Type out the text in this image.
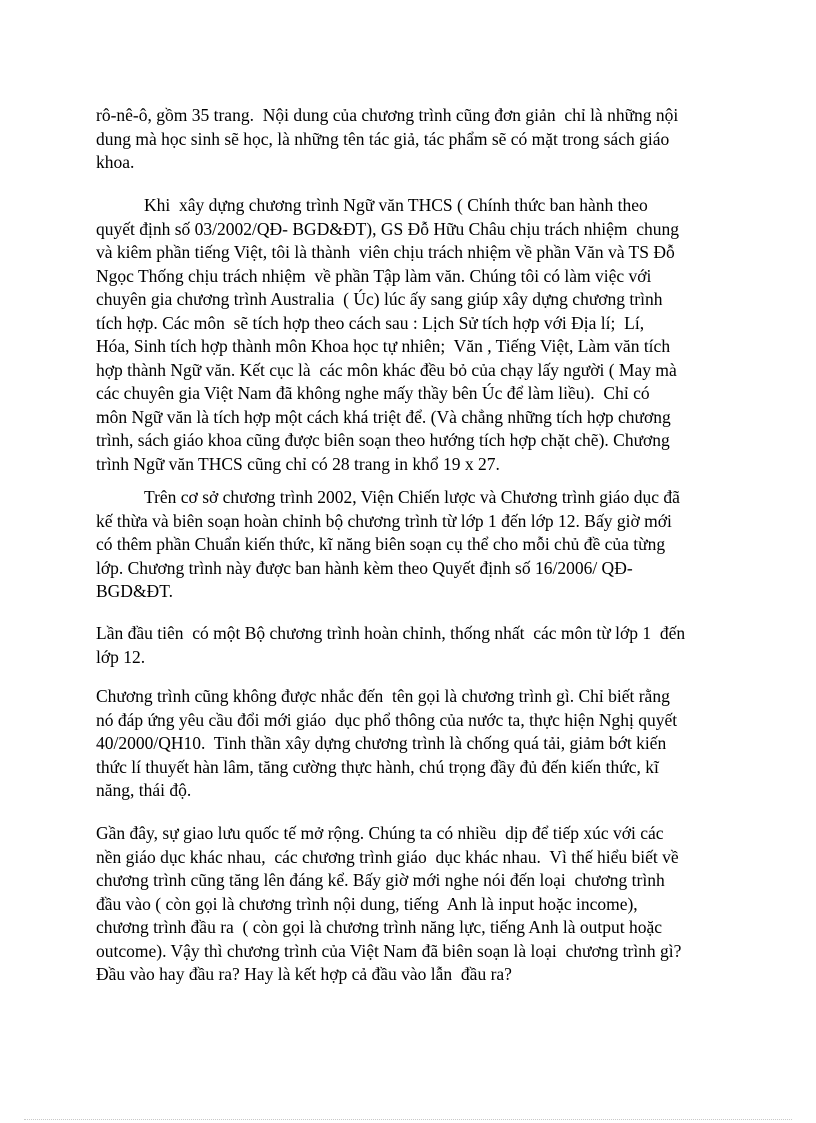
rô-nê-ô, gồm 35 trang.  Nội dung của chương trình cũng đơn giản  chỉ là những nội
dung mà học sinh sẽ học, là những tên tác giả, tác phẩm sẽ có mặt trong sách giáo
khoa.
Khi  xây dựng chương trình Ngữ văn THCS ( Chính thức ban hành theo
quyết định số 03/2002/QĐ- BGD&ĐT), GS Đỗ Hữu Châu chịu trách nhiệm  chung
và kiêm phần tiếng Việt, tôi là thành  viên chịu trách nhiệm về phần Văn và TS Đỗ
Ngọc Thống chịu trách nhiệm  về phần Tập làm văn. Chúng tôi có làm việc với
chuyên gia chương trình Australia  ( Úc) lúc ấy sang giúp xây dựng chương trình
tích hợp. Các môn  sẽ tích hợp theo cách sau : Lịch Sử tích hợp với Địa lí;  Lí,
Hóa, Sinh tích hợp thành môn Khoa học tự nhiên;  Văn , Tiếng Việt, Làm văn tích
hợp thành Ngữ văn. Kết cục là  các môn khác đều bỏ của chạy lấy người ( May mà
các chuyên gia Việt Nam đã không nghe mấy thầy bên Úc để làm liều).  Chỉ có
môn Ngữ văn là tích hợp một cách khá triệt để. (Và chẳng những tích hợp chương
trình, sách giáo khoa cũng được biên soạn theo hướng tích hợp chặt chẽ). Chương
trình Ngữ văn THCS cũng chỉ có 28 trang in khổ 19 x 27.
Trên cơ sở chương trình 2002, Viện Chiến lược và Chương trình giáo dục đã
kế thừa và biên soạn hoàn chỉnh bộ chương trình từ lớp 1 đến lớp 12. Bấy giờ mới
có thêm phần Chuẩn kiến thức, kĩ năng biên soạn cụ thể cho mỗi chủ đề của từng
lớp. Chương trình này được ban hành kèm theo Quyết định số 16/2006/ QĐ-
BGD&ĐT.
Lần đầu tiên  có một Bộ chương trình hoàn chỉnh, thống nhất  các môn từ lớp 1  đến
lớp 12.
Chương trình cũng không được nhắc đến  tên gọi là chương trình gì. Chỉ biết rằng
nó đáp ứng yêu cầu đổi mới giáo  dục phổ thông của nước ta, thực hiện Nghị quyết
40/2000/QH10.  Tinh thần xây dựng chương trình là chống quá tải, giảm bớt kiến
thức lí thuyết hàn lâm, tăng cường thực hành, chú trọng đầy đủ đến kiến thức, kĩ
năng, thái độ.
Gần đây, sự giao lưu quốc tế mở rộng. Chúng ta có nhiều  dịp để tiếp xúc với các
nền giáo dục khác nhau,  các chương trình giáo  dục khác nhau.  Vì thế hiểu biết về
chương trình cũng tăng lên đáng kể. Bấy giờ mới nghe nói đến loại  chương trình
đầu vào ( còn gọi là chương trình nội dung, tiếng  Anh là input hoặc income),
chương trình đầu ra  ( còn gọi là chương trình năng lực, tiếng Anh là output hoặc
outcome). Vậy thì chương trình của Việt Nam đã biên soạn là loại  chương trình gì?
Đầu vào hay đầu ra? Hay là kết hợp cả đầu vào lẫn  đầu ra?
